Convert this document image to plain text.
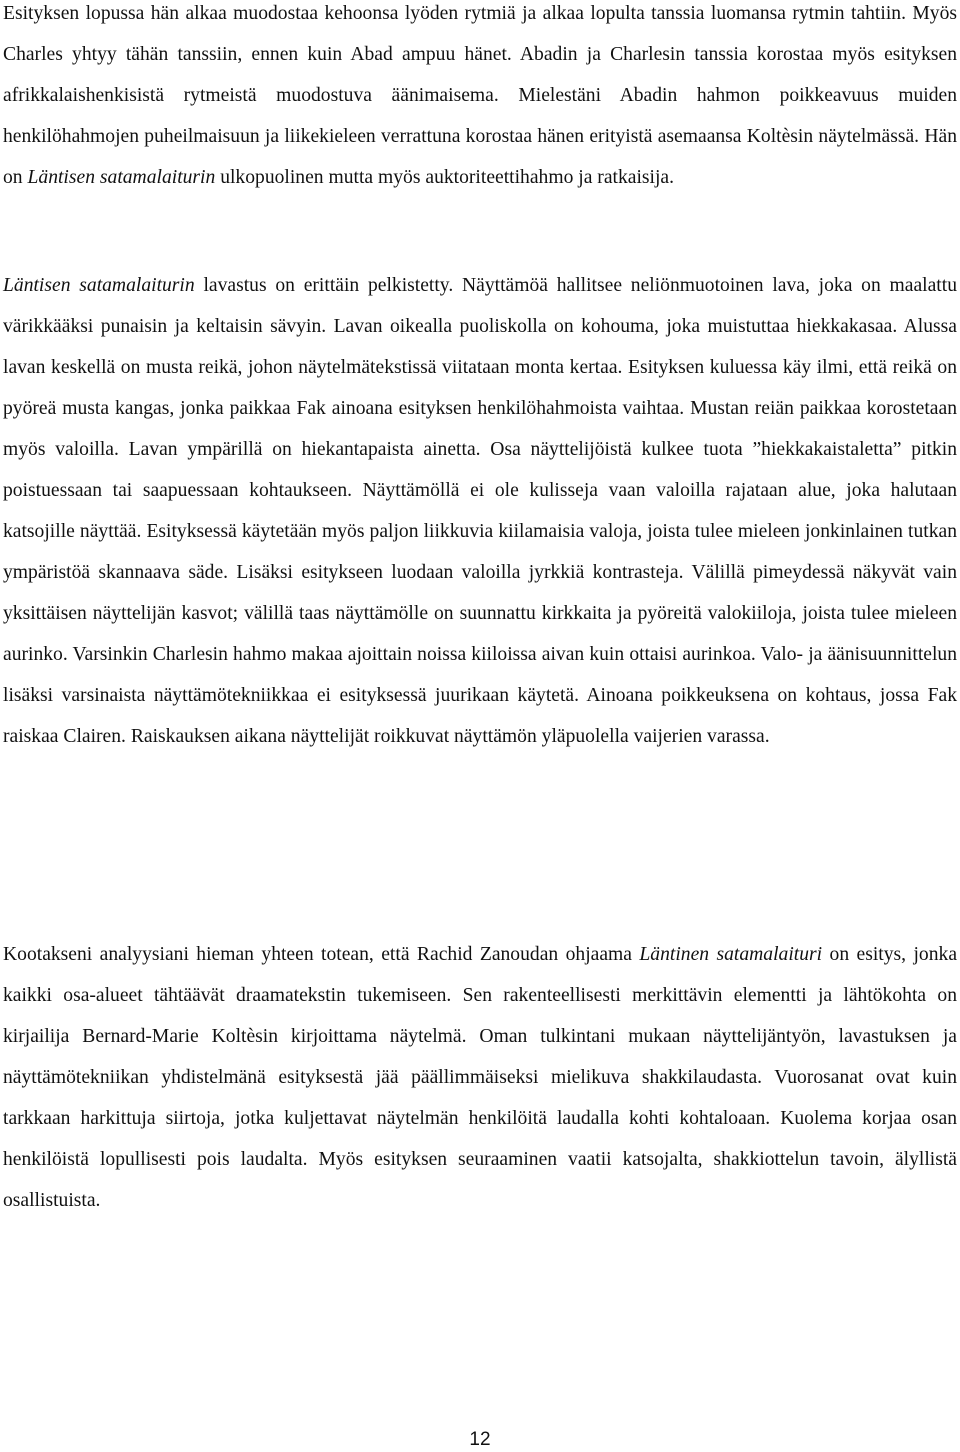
Esityksen lopussa hän alkaa muodostaa kehoonsa lyöden rytmiä ja alkaa lopulta tanssia luomansa rytmin tahtiin. Myös Charles yhtyy tähän tanssiin, ennen kuin Abad ampuu hänet. Abadin ja Charlesin tanssia korostaa myös esityksen afrikkalaishenkisistä rytmeistä muodostuva äänimaisema. Mielestäni Abadin hahmon poikkeavuus muiden henkilöhahmojen puheilmaisuun ja liikekieleen verrattuna korostaa hänen erityistä asemaansa Koltèsin näytelmässä. Hän on Läntisen satamalaiturin ulkopuolinen mutta myös auktoriteettihahmo ja ratkaisija.

Läntisen satamalaiturin lavastus on erittäin pelkistetty. Näyttämöä hallitsee neliönmuotoinen lava, joka on maalattu värikkääksi punaisin ja keltaisin sävyin. Lavan oikealla puoliskolla on kohouma, joka muistuttaa hiekkakasaa. Alussa lavan keskellä on musta reikä, johon näytelmätekstissä viitataan monta kertaa. Esityksen kuluessa käy ilmi, että reikä on pyöreä musta kangas, jonka paikkaa Fak ainoana esityksen henkilöhahmoista vaihtaa. Mustan reiän paikkaa korostetaan myös valoilla. Lavan ympärillä on hiekantapaista ainetta. Osa näyttelijöistä kulkee tuota ”hiekkakaistaletta” pitkin poistuessaan tai saapuessaan kohtaukseen. Näyttämöllä ei ole kulisseja vaan valoilla rajataan alue, joka halutaan katsojille näyttää. Esityksessä käytetään myös paljon liikkuvia kiilamaisia valoja, joista tulee mieleen jonkinlainen tutkan ympäristöä skannaava säde. Lisäksi esitykseen luodaan valoilla jyrkkiä kontrasteja. Välillä pimeydessä näkyvät vain yksittäisen näyttelijän kasvot; välillä taas näyttämölle on suunnattu kirkkaita ja pyöreitä valokiiloja, joista tulee mieleen aurinko. Varsinkin Charlesin hahmo makaa ajoittain noissa kiiloissa aivan kuin ottaisi aurinkoa. Valo- ja äänisuunnittelun lisäksi varsinaista näyttämötekniikkaa ei esityksessä juurikaan käytetä. Ainoana poikkeuksena on kohtaus, jossa Fak raiskaa Clairen. Raiskauksen aikana näyttelijät roikkuvat näyttämön yläpuolella vaijerien varassa.

Kootakseni analyysiani hieman yhteen totean, että Rachid Zanoudan ohjaama Läntinen satamalaituri on esitys, jonka kaikki osa-alueet tähtäävät draamatekstin tukemiseen. Sen rakenteellisesti merkittävin elementti ja lähtökohta on kirjailija Bernard-Marie Koltèsin kirjoittama näytelmä. Oman tulkintani mukaan näyttelijäntyön, lavastuksen ja näyttämötekniikan yhdistelmänä esityksestä jää päällimmäiseksi mielikuva shakkilaudasta. Vuorosanat ovat kuin tarkkaan harkittuja siirtoja, jotka kuljettavat näytelmän henkilöitä laudalla kohti kohtaloaan. Kuolema korjaa osan henkilöistä lopullisesti pois laudalta. Myös esityksen seuraaminen vaatii katsojalta, shakkiottelun tavoin, älyllistä osallistuista.

12
